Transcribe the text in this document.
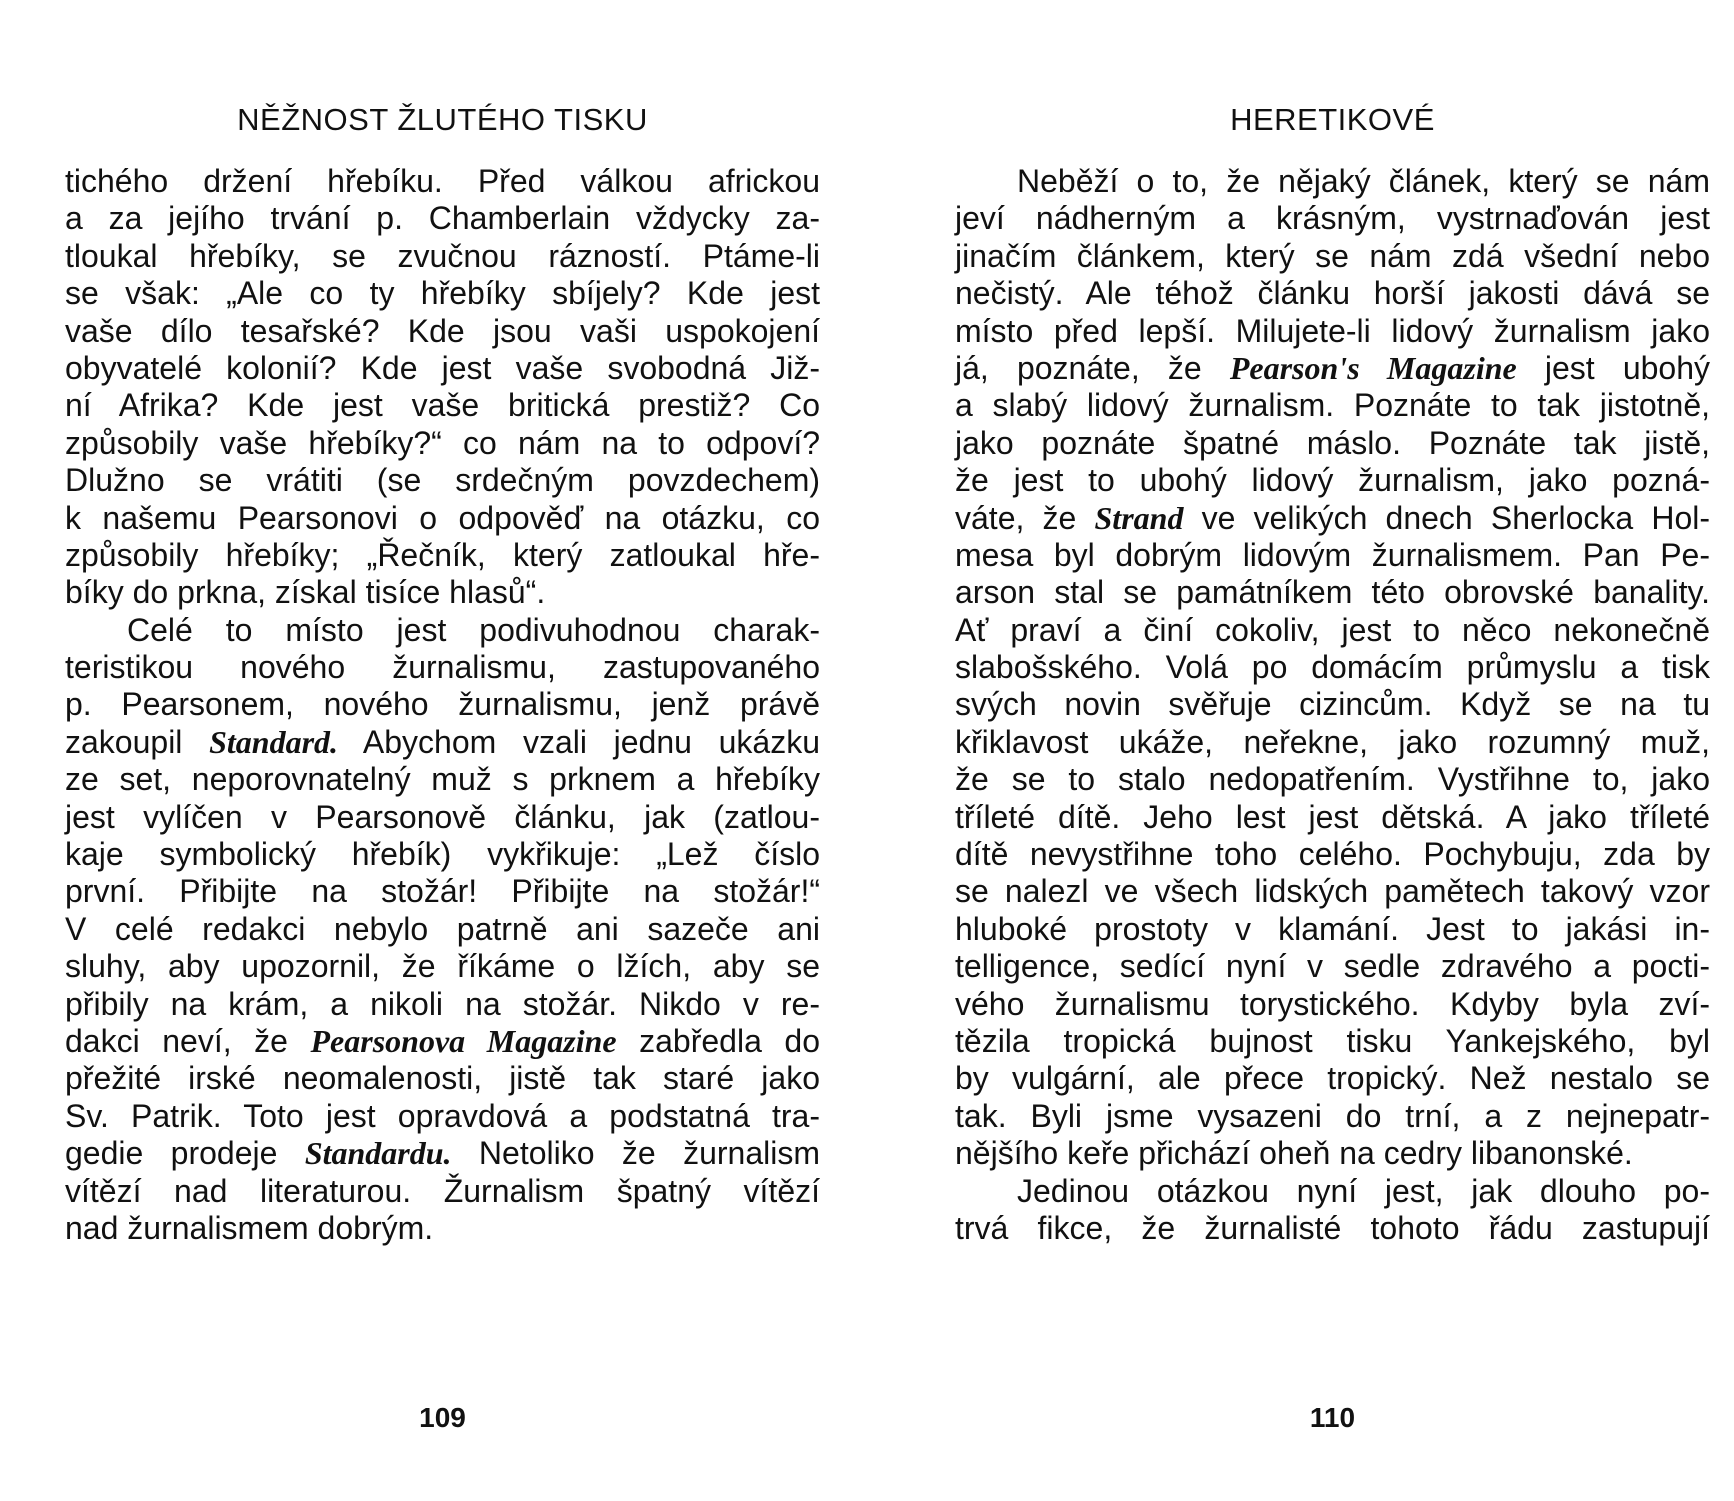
NĚŽNOST ŽLUTÉHO TISKU
tichého držení hřebíku. Před válkou africkou
a za jejího trvání p. Chamberlain vždycky za-
tloukal hřebíky, se zvučnou rázností. Ptáme-li
se však: „Ale co ty hřebíky sbíjely? Kde jest
vaše dílo tesařské? Kde jsou vaši uspokojení
obyvatelé kolonií? Kde jest vaše svobodná Již-
ní Afrika? Kde jest vaše britická prestiž? Co
způsobily vaše hřebíky?“ co nám na to odpoví?
Dlužno se vrátiti (se srdečným povzdechem)
k našemu Pearsonovi o odpověď na otázku, co
způsobily hřebíky; „Řečník, který zatloukal hře-
bíky do prkna, získal tisíce hlasů“.
Celé to místo jest podivuhodnou charak-
teristikou nového žurnalismu, zastupovaného
p. Pearsonem, nového žurnalismu, jenž právě
zakoupil Standard. Abychom vzali jednu ukázku
ze set, neporovnatelný muž s prknem a hřebíky
jest vylíčen v Pearsonově článku, jak (zatlou-
kaje symbolický hřebík) vykřikuje: „Lež číslo
první. Přibijte na stožár! Přibijte na stožár!“
V celé redakci nebylo patrně ani sazeče ani
sluhy, aby upozornil, že říkáme o lžích, aby se
přibily na krám, a nikoli na stožár. Nikdo v re-
dakci neví, že Pearsonova Magazine zabředla do
přežité irské neomalenosti, jistě tak staré jako
Sv. Patrik. Toto jest opravdová a podstatná tra-
gedie prodeje Standardu. Netoliko že žurnalism
vítězí nad literaturou. Žurnalism špatný vítězí
nad žurnalismem dobrým.
109
HERETIKOVÉ
Neběží o to, že nějaký článek, který se nám
jeví nádherným a krásným, vystrnaďován jest
jinačím článkem, který se nám zdá všední nebo
nečistý. Ale téhož článku horší jakosti dává se
místo před lepší. Milujete-li lidový žurnalism jako
já, poznáte, že Pearson's Magazine jest ubohý
a slabý lidový žurnalism. Poznáte to tak jistotně,
jako poznáte špatné máslo. Poznáte tak jistě,
že jest to ubohý lidový žurnalism, jako pozná-
váte, že Strand ve velikých dnech Sherlocka Hol-
mesa byl dobrým lidovým žurnalismem. Pan Pe-
arson stal se památníkem této obrovské banality.
Ať praví a činí cokoliv, jest to něco nekonečně
slabošského. Volá po domácím průmyslu a tisk
svých novin svěřuje cizincům. Když se na tu
křiklavost ukáže, neřekne, jako rozumný muž,
že se to stalo nedopatřením. Vystřihne to, jako
tříleté dítě. Jeho lest jest dětská. A jako tříleté
dítě nevystřihne toho celého. Pochybuju, zda by
se nalezl ve všech lidských pamětech takový vzor
hluboké prostoty v klamání. Jest to jakási in-
telligence, sedící nyní v sedle zdravého a pocti-
vého žurnalismu torystického. Kdyby byla zví-
tězila tropická bujnost tisku Yankejského, byl
by vulgární, ale přece tropický. Než nestalo se
tak. Byli jsme vysazeni do trní, a z nejnepatr-
nějšího keře přichází oheň na cedry libanonské.
Jedinou otázkou nyní jest, jak dlouho po-
trvá fikce, že žurnalisté tohoto řádu zastupují
110
